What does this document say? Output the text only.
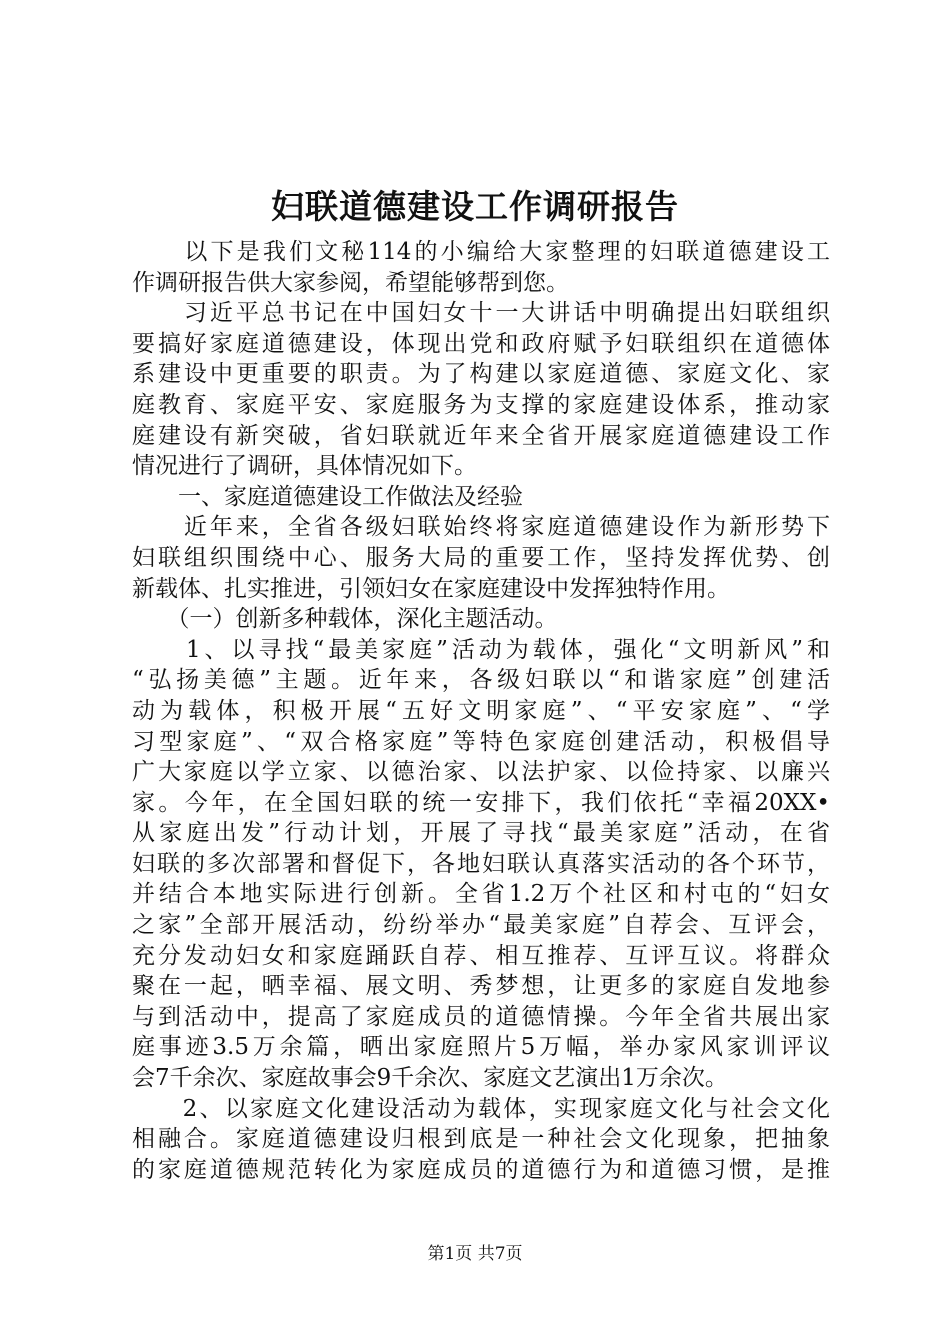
妇联道德建设工作调研报告
　　以下是我们文秘114的小编给大家整理的妇联道德建设工
作调研报告供大家参阅，希望能够帮到您。
　　习近平总书记在中国妇女十一大讲话中明确提出妇联组织
要搞好家庭道德建设，体现出党和政府赋予妇联组织在道德体
系建设中更重要的职责。为了构建以家庭道德、家庭文化、家
庭教育、家庭平安、家庭服务为支撑的家庭建设体系，推动家
庭建设有新突破，省妇联就近年来全省开展家庭道德建设工作
情况进行了调研，具体情况如下。
　　一、家庭道德建设工作做法及经验
　　近年来，全省各级妇联始终将家庭道德建设作为新形势下
妇联组织围绕中心、服务大局的重要工作，坚持发挥优势、创
新载体、扎实推进，引领妇女在家庭建设中发挥独特作用。
　　（一）创新多种载体，深化主题活动。
　　1、以寻找“最美家庭”活动为载体，强化“文明新风”和
“弘扬美德”主题。近年来，各级妇联以“和谐家庭”创建活
动为载体，积极开展“五好文明家庭”、“平安家庭”、“学
习型家庭”、“双合格家庭”等特色家庭创建活动，积极倡导
广大家庭以学立家、以德治家、以法护家、以俭持家、以廉兴
家。今年，在全国妇联的统一安排下，我们依托“幸福20XX•
从家庭出发”行动计划，开展了寻找“最美家庭”活动，在省
妇联的多次部署和督促下，各地妇联认真落实活动的各个环节，
并结合本地实际进行创新。全省1.2万个社区和村屯的“妇女
之家”全部开展活动，纷纷举办“最美家庭”自荐会、互评会，
充分发动妇女和家庭踊跃自荐、相互推荐、互评互议。将群众
聚在一起，晒幸福、展文明、秀梦想，让更多的家庭自发地参
与到活动中，提高了家庭成员的道德情操。今年全省共展出家
庭事迹3.5万余篇，晒出家庭照片5万幅，举办家风家训评议
会7千余次、家庭故事会9千余次、家庭文艺演出1万余次。
　　2、以家庭文化建设活动为载体，实现家庭文化与社会文化
相融合。家庭道德建设归根到底是一种社会文化现象，把抽象
的家庭道德规范转化为家庭成员的道德行为和道德习惯，是推
第1页 共7页
